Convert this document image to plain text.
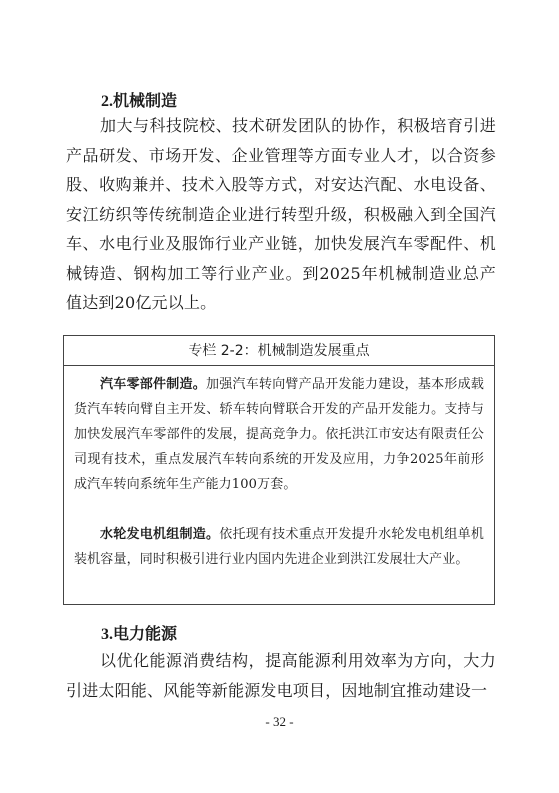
2.机械制造
加大与科技院校、技术研发团队的协作，积极培育引进产品研发、市场开发、企业管理等方面专业人才，以合资参股、收购兼并、技术入股等方式，对安达汽配、水电设备、安江纺织等传统制造企业进行转型升级，积极融入到全国汽车、水电行业及服饰行业产业链，加快发展汽车零配件、机械铸造、钢构加工等行业产业。到2025年机械制造业总产值达到20亿元以上。
专栏 2-2：机械制造发展重点
汽车零部件制造。加强汽车转向臂产品开发能力建设，基本形成载货汽车转向臂自主开发、轿车转向臂联合开发的产品开发能力。支持与加快发展汽车零部件的发展，提高竞争力。依托洪江市安达有限责任公司现有技术，重点发展汽车转向系统的开发及应用，力争2025年前形成汽车转向系统年生产能力100万套。
水轮发电机组制造。依托现有技术重点开发提升水轮发电机组单机装机容量，同时积极引进行业内国内先进企业到洪江发展壮大产业。
3.电力能源
以优化能源消费结构，提高能源利用效率为方向，大力引进太阳能、风能等新能源发电项目，因地制宜推动建设一
- 32 -
